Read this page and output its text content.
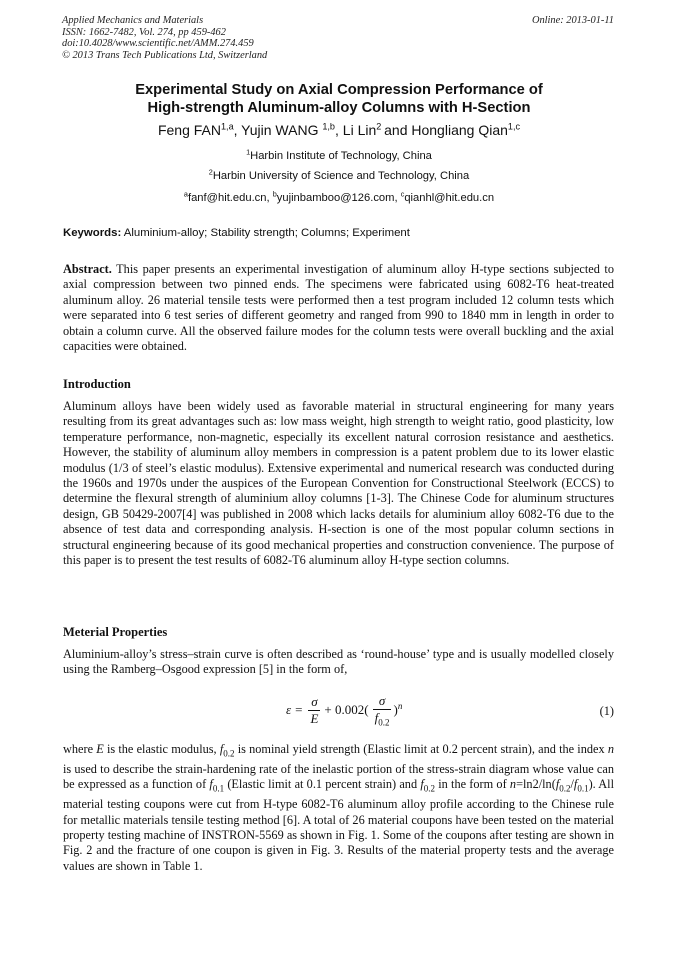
Applied Mechanics and Materials
ISSN: 1662-7482, Vol. 274, pp 459-462
doi:10.4028/www.scientific.net/AMM.274.459
© 2013 Trans Tech Publications Ltd, Switzerland
Online: 2013-01-11
Experimental Study on Axial Compression Performance of
High-strength Aluminum-alloy Columns with H-Section
Feng FAN$^{1,a}$, Yujin WANG $^{1,b}$, Li Lin$^2$ and Hongliang Qian$^{1,c}$
$^1$Harbin Institute of Technology, China
$^2$Harbin University of Science and Technology, China
$^a$fanf@hit.edu.cn, $^b$yujinbamboo@126.com, $^c$qianhl@hit.edu.cn
Keywords: Aluminium-alloy; Stability strength; Columns; Experiment
Abstract. This paper presents an experimental investigation of aluminum alloy H-type sections subjected to axial compression between two pinned ends. The specimens were fabricated using 6082-T6 heat-treated aluminum alloy. 26 material tensile tests were performed then a test program included 12 column tests which were separated into 6 test series of different geometry and ranged from 990 to 1840 mm in length in order to obtain a column curve. All the observed failure modes for the column tests were overall buckling and the axial capacities were obtained.
Introduction
Aluminum alloys have been widely used as favorable material in structural engineering for many years resulting from its great advantages such as: low mass weight, high strength to weight ratio, good plasticity, low temperature performance, non-magnetic, especially its excellent natural corrosion resistance and aesthetics. However, the stability of aluminum alloy members in compression is a patent problem due to its lower elastic modulus (1/3 of steel’s elastic modulus). Extensive experimental and numerical research was conducted during the 1960s and 1970s under the auspices of the European Convention for Constructional Steelwork (ECCS) to determine the flexural strength of aluminium alloy columns [1-3]. The Chinese Code for aluminum structures design, GB 50429-2007[4] was published in 2008 which lacks details for aluminium alloy 6082-T6 due to the absence of test data and corresponding analysis. H-section is one of the most popular column sections in structural engineering because of its good mechanical properties and construction convenience. The purpose of this paper is to present the test results of 6082-T6 aluminum alloy H-type section columns.
Meterial Properties
Aluminium-alloy’s stress–strain curve is often described as ‘round-house’ type and is usually modelled closely using the Ramberg–Osgood expression [5] in the form of,
$\varepsilon = \frac{\sigma}{E} + 0.002( \frac{\sigma}{f_{0.2}} )^n$	(1)
where E is the elastic modulus, $f_{0.2}$ is nominal yield strength (Elastic limit at 0.2 percent strain), and the index n is used to describe the strain-hardening rate of the inelastic portion of the stress-strain diagram whose value can be expressed as a function of $f_{0.1}$ (Elastic limit at 0.1 percent strain) and $f_{0.2}$ in the form of $n=\ln 2/\ln(f_{0.2}/f_{0.1})$. All material testing coupons were cut from H-type 6082-T6 aluminum alloy profile according to the Chinese rule for metallic materials tensile testing method [6]. A total of 26 material coupons have been tested on the material property testing machine of INSTRON-5569 as shown in Fig. 1. Some of the coupons after testing are shown in Fig. 2 and the fracture of one coupon is given in Fig. 3. Results of the material property tests and the average values are shown in Table 1.
